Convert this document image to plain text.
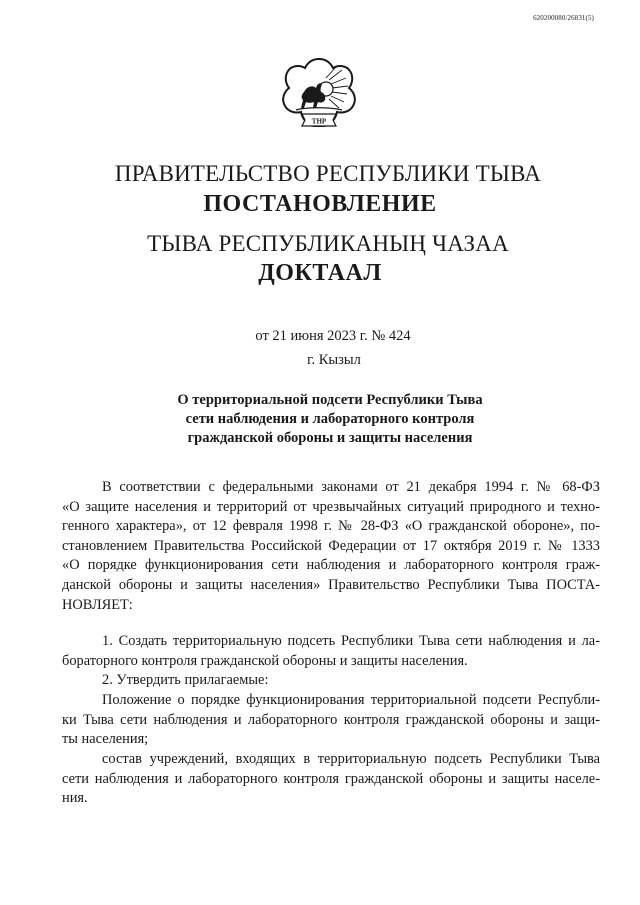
620200080/26831(5)
ТНР
ПРАВИТЕЛЬСТВО РЕСПУБЛИКИ ТЫВА
ПОСТАНОВЛЕНИЕ
ТЫВА РЕСПУБЛИКАНЫҢ ЧАЗАА
ДОКТААЛ
от 21 июня 2023 г. № 424
г. Кызыл
О территориальной подсети Республики Тыва
сети наблюдения и лабораторного контроля
гражданской обороны и защиты населения
В соответствии с федеральными законами от 21 декабря 1994 г. № 68-ФЗ
«О защите населения и территорий от чрезвычайных ситуаций природного и техно-
генного характера», от 12 февраля 1998 г. № 28-ФЗ «О гражданской обороне», по-
становлением Правительства Российской Федерации от 17 октября 2019 г. № 1333
«О порядке функционирования сети наблюдения и лабораторного контроля граж-
данской обороны и защиты населения» Правительство Республики Тыва ПОСТА-
НОВЛЯЕТ:
1. Создать территориальную подсеть Республики Тыва сети наблюдения и ла-
бораторного контроля гражданской обороны и защиты населения.
2. Утвердить прилагаемые:
Положение о порядке функционирования территориальной подсети Республи-
ки Тыва сети наблюдения и лабораторного контроля гражданской обороны и защи-
ты населения;
состав учреждений, входящих в территориальную подсеть Республики Тыва
сети наблюдения и лабораторного контроля гражданской обороны и защиты населе-
ния.
